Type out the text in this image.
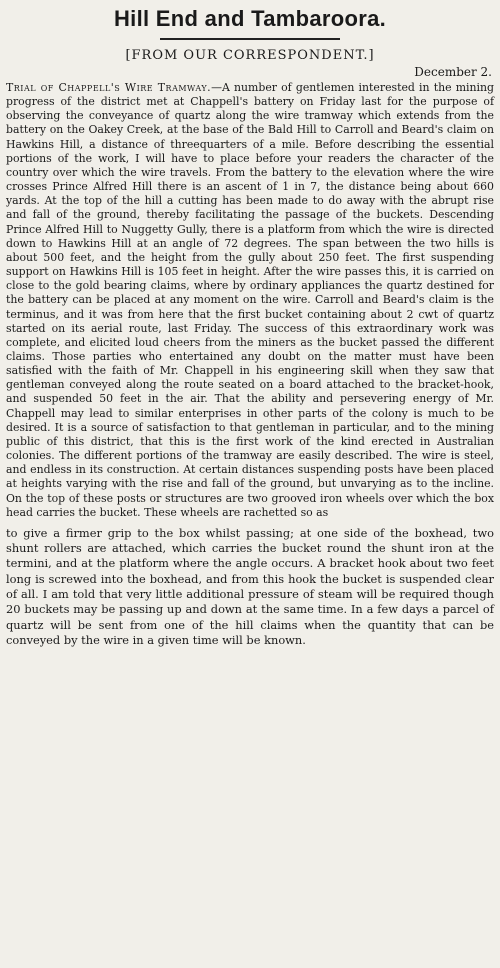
Hill End and Tambaroora.
[FROM OUR CORRESPONDENT.]
December 2.

Trial of Chappell's Wire Tramway.—A number of gentlemen interested in the mining progress of the district met at Chappell's battery on Friday last for the purpose of observing the conveyance of quartz along the wire tramway which extends from the battery on the Oakey Creek, at the base of the Bald Hill to Carroll and Beard's claim on Hawkins Hill, a distance of threequarters of a mile. Before describing the essential portions of the work, I will have to place before your readers the character of the country over which the wire travels. From the battery to the elevation where the wire crosses Prince Alfred Hill there is an ascent of 1 in 7, the distance being about 660 yards. At the top of the hill a cutting has been made to do away with the abrupt rise and fall of the ground, thereby facilitating the passage of the buckets. Descending Prince Alfred Hill to Nuggetty Gully, there is a platform from which the wire is directed down to Hawkins Hill at an angle of 72 degrees. The span between the two hills is about 500 feet, and the height from the gully about 250 feet. The first suspending support on Hawkins Hill is 105 feet in height. After the wire passes this, it is carried on close to the gold bearing claims, where by ordinary appliances the quartz destined for the battery can be placed at any moment on the wire. Carroll and Beard's claim is the terminus, and it was from here that the first bucket containing about 2 cwt of quartz started on its aerial route, last Friday. The success of this extraordinary work was complete, and elicited loud cheers from the miners as the bucket passed the different claims. Those parties who entertained any doubt on the matter must have been satisfied with the faith of Mr. Chappell in his engineering skill when they saw that gentleman conveyed along the route seated on a board attached to the bracket-hook, and suspended 50 feet in the air. That the ability and persevering energy of Mr. Chappell may lead to similar enterprises in other parts of the colony is much to be desired. It is a source of satisfaction to that gentleman in particular, and to the mining public of this district, that this is the first work of the kind erected in Australian colonies. The different portions of the tramway are easily described. The wire is steel, and endless in its construction. At certain distances suspending posts have been placed at heights varying with the rise and fall of the ground, but unvarying as to the incline. On the top of these posts or structures are two grooved iron wheels over which the box head carries the bucket. These wheels are rachetted so as

to give a firmer grip to the box whilst passing; at one side of the boxhead, two shunt rollers are attached, which carries the bucket round the shunt iron at the termini, and at the platform where the angle occurs. A bracket hook about two feet long is screwed into the boxhead, and from this hook the bucket is suspended clear of all. I am told that very little additional pressure of steam will be required though 20 buckets may be passing up and down at the same time. In a few days a parcel of quartz will be sent from one of the hill claims when the quantity that can be conveyed by the wire in a given time will be known.
